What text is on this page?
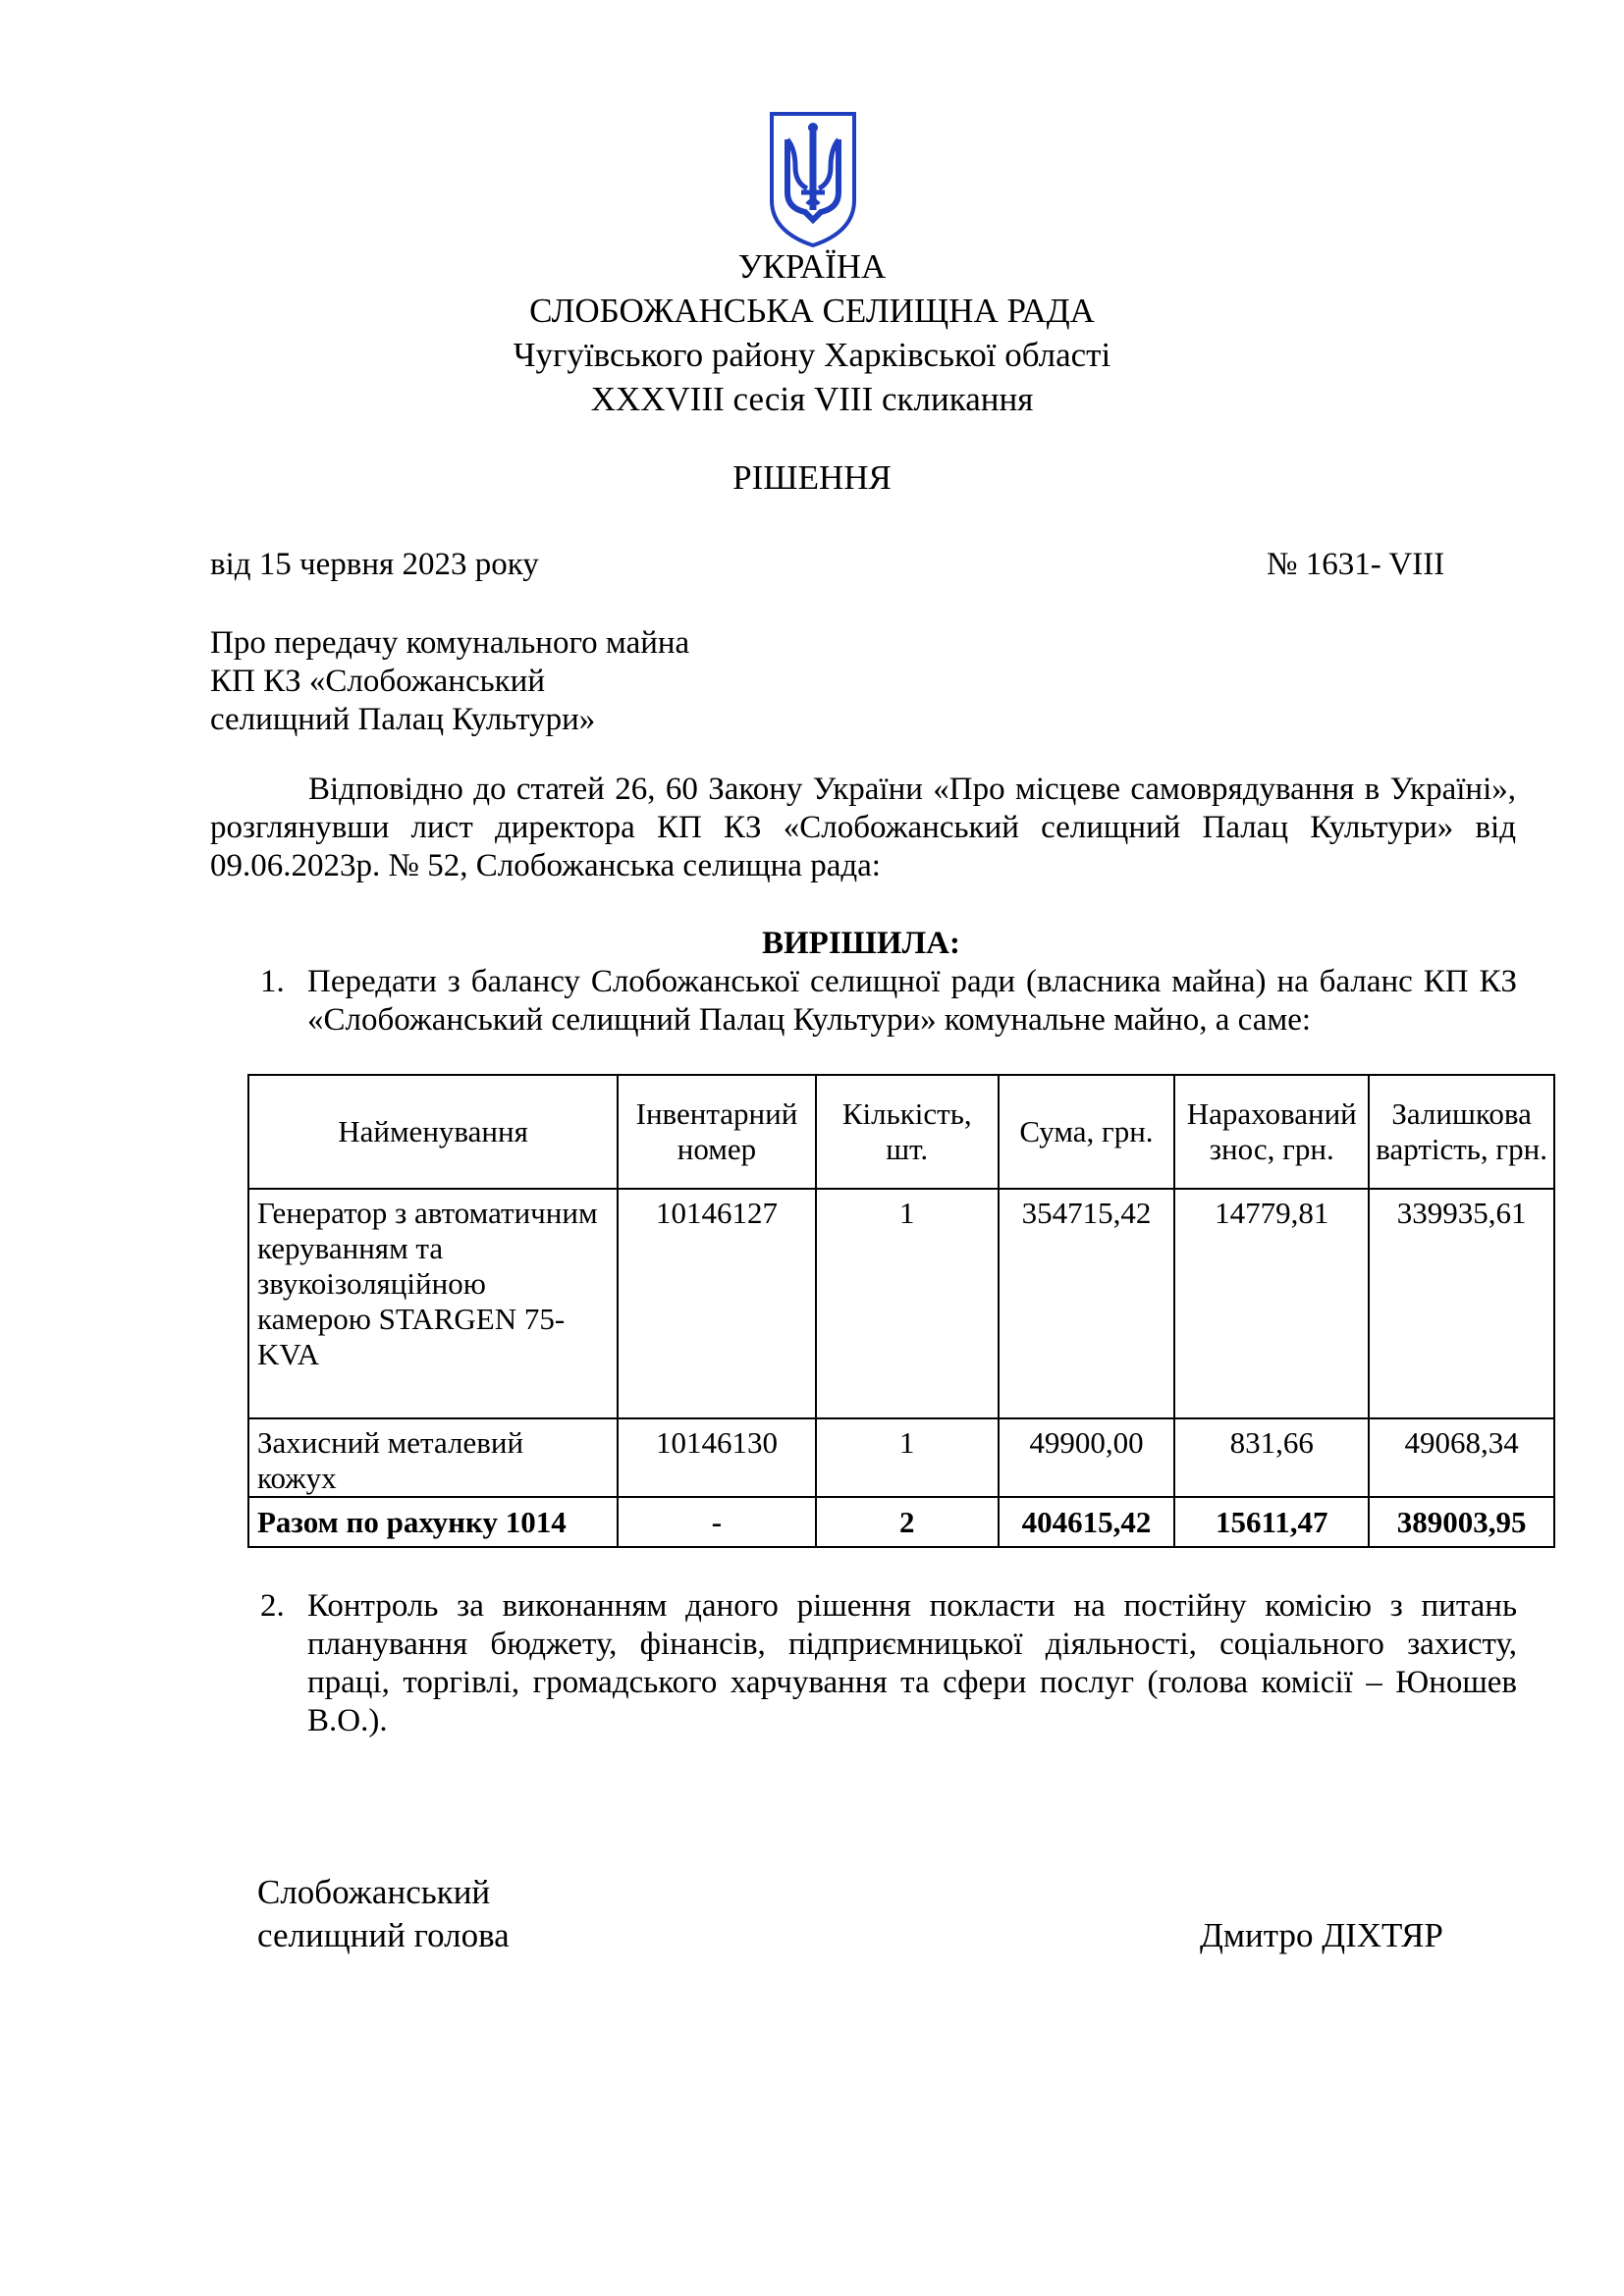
УКРАЇНА
СЛОБОЖАНСЬКА СЕЛИЩНА РАДА
Чугуївського району Харківської області
XXXVIII сесія VIII скликання
РІШЕННЯ
від 15 червня 2023 року	№ 1631- VIII
Про передачу комунального майна
КП КЗ «Слобожанський
селищний Палац Культури»
Відповідно до статей 26, 60 Закону України «Про місцеве самоврядування в Україні», розглянувши лист директора КП КЗ «Слобожанський селищний Палац Культури» від 09.06.2023р. № 52, Слобожанська селищна рада:
ВИРІШИЛА:
1. Передати з балансу Слобожанської селищної ради (власника майна) на баланс КП КЗ «Слобожанський селищний Палац Культури» комунальне майно, а саме:
Найменування	Інвентарний номер	Кількість, шт.	Сума, грн.	Нарахований знос, грн.	Залишкова вартість, грн.
Генератор з автоматичним керуванням та звукоізоляційною камерою STARGEN 75-KVA	10146127	1	354715,42	14779,81	339935,61
Захисний металевий кожух	10146130	1	49900,00	831,66	49068,34
Разом по рахунку 1014	-	2	404615,42	15611,47	389003,95
2. Контроль за виконанням даного рішення покласти на постійну комісію з питань планування бюджету, фінансів, підприємницької діяльності, соціального захисту, праці, торгівлі, громадського харчування та сфери послуг (голова комісії – Юношев В.О.).
Слобожанський
селищний голова	Дмитро ДІХТЯР
